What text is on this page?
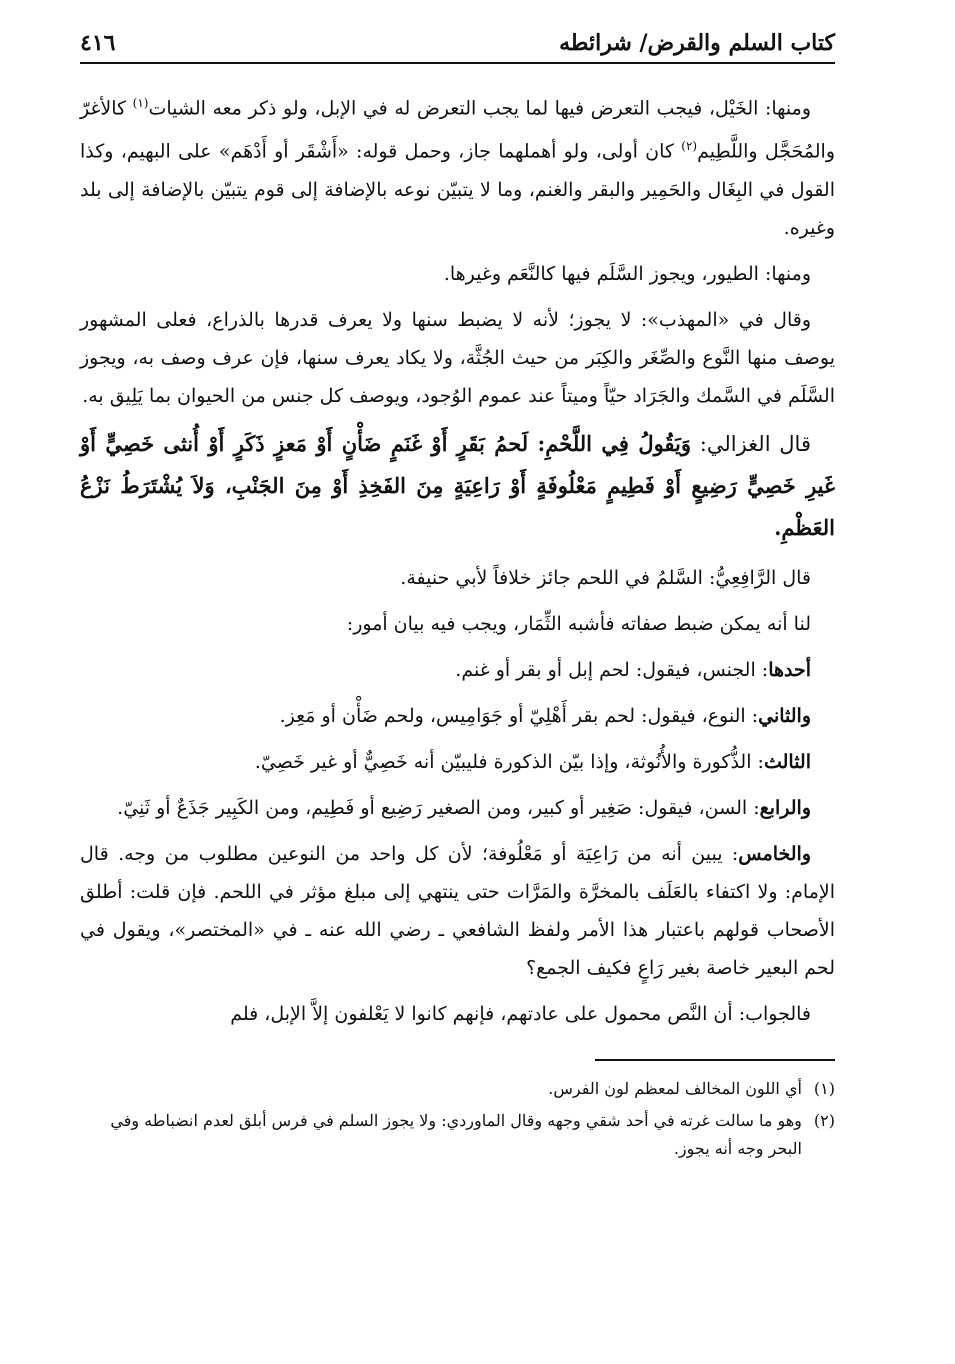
كتاب السلم والقرض/ شرائطه
٤١٦

ومنها: الخَيْل، فيجب التعرض فيها لما يجب التعرض له في الإبل، ولو ذكر معه الشيات$^{(١)}$ كالأغرّ والمُحَجَّل واللَّطِيم$^{(٢)}$ كان أولى، ولو أهملهما جاز، وحمل قوله: «أَشْقَر أو أَدْهَم» على البهيم، وكذا القول في البِغَال والحَمِير والبقر والغنم، وما لا يتبيّن نوعه بالإضافة إلى قوم يتبيّن بالإضافة إلى بلد وغيره.

ومنها: الطيور، ويجوز السَّلَم فيها كالنَّعَم وغيرها.

وقال في «المهذب»: لا يجوز؛ لأنه لا يضبط سنها ولا يعرف قدرها بالذراع، فعلى المشهور يوصف منها النَّوع والصِّغَر والكِبَر من حيث الجُثَّة، ولا يكاد يعرف سنها، فإن عرف وصف به، ويجوز السَّلَم في السَّمك والجَرَاد حيّاً وميتاً عند عموم الوُجود، ويوصف كل جنس من الحيوان بما يَلِيق به.

قال الغزالي: وَيَقُولُ فِي اللَّحْمِ: لَحمُ بَقَرٍ أَوْ غَنَمٍ ضَأْنٍ أَوْ مَعزٍ ذَكَرٍ أَوْ أُنثى خَصِيٍّ أَوْ غَيرِ خَصِيٍّ رَضِيعٍ أَوْ فَطِيمٍ مَعْلُوفَةٍ أَوْ رَاعِيَةٍ مِنَ الفَخِذِ أَوْ مِنَ الجَنْبِ، وَلاَ يُشْتَرَطُ نَزْعُ العَظْمِ.

قال الرَّافِعِيُّ: السَّلمُ في اللحم جائز خلافاً لأبي حنيفة.

لنا أنه يمكن ضبط صفاته فأشبه الثِّمَار، ويجب فيه بيان أمور:

أحدها: الجنس، فيقول: لحم إبل أو بقر أو غنم.

والثاني: النوع، فيقول: لحم بقر أَهْلِيّ أو جَوَامِيس، ولحم ضَأْن أو مَعِز.

الثالث: الذُّكورة والأُنُوثة، وإذا بيّن الذكورة فليبيّن أنه خَصِيٌّ أو غير خَصِيّ.

والرابع: السن، فيقول: صَغِير أو كبير، ومن الصغير رَضِيع أو فَطِيم، ومن الكَبِير جَذَعٌ أو ثَنِيّ.

والخامس: يبين أنه من رَاعِيَة أو مَعْلُوفة؛ لأن كل واحد من النوعين مطلوب من وجه. قال الإمام: ولا اكتفاء بالعَلَف بالمخرَّة والمَرَّات حتى ينتهي إلى مبلغ مؤثر في اللحم. فإن قلت: أطلق الأصحاب قولهم باعتبار هذا الأمر ولفظ الشافعي ـ رضي الله عنه ـ في «المختصر»، ويقول في لحم البعير خاصة بغير رَاعٍ فكيف الجمع؟

فالجواب: أن النَّص محمول على عادتهم، فإنهم كانوا لا يَعْلفون إلاَّ الإبل، فلم

(١)
أي اللون المخالف لمعظم لون الفرس.
(٢)
وهو ما سالت غرته في أحد شقي وجهه وقال الماوردي: ولا يجوز السلم في فرس أبلق لعدم انضباطه وفي البحر وجه أنه يجوز.
